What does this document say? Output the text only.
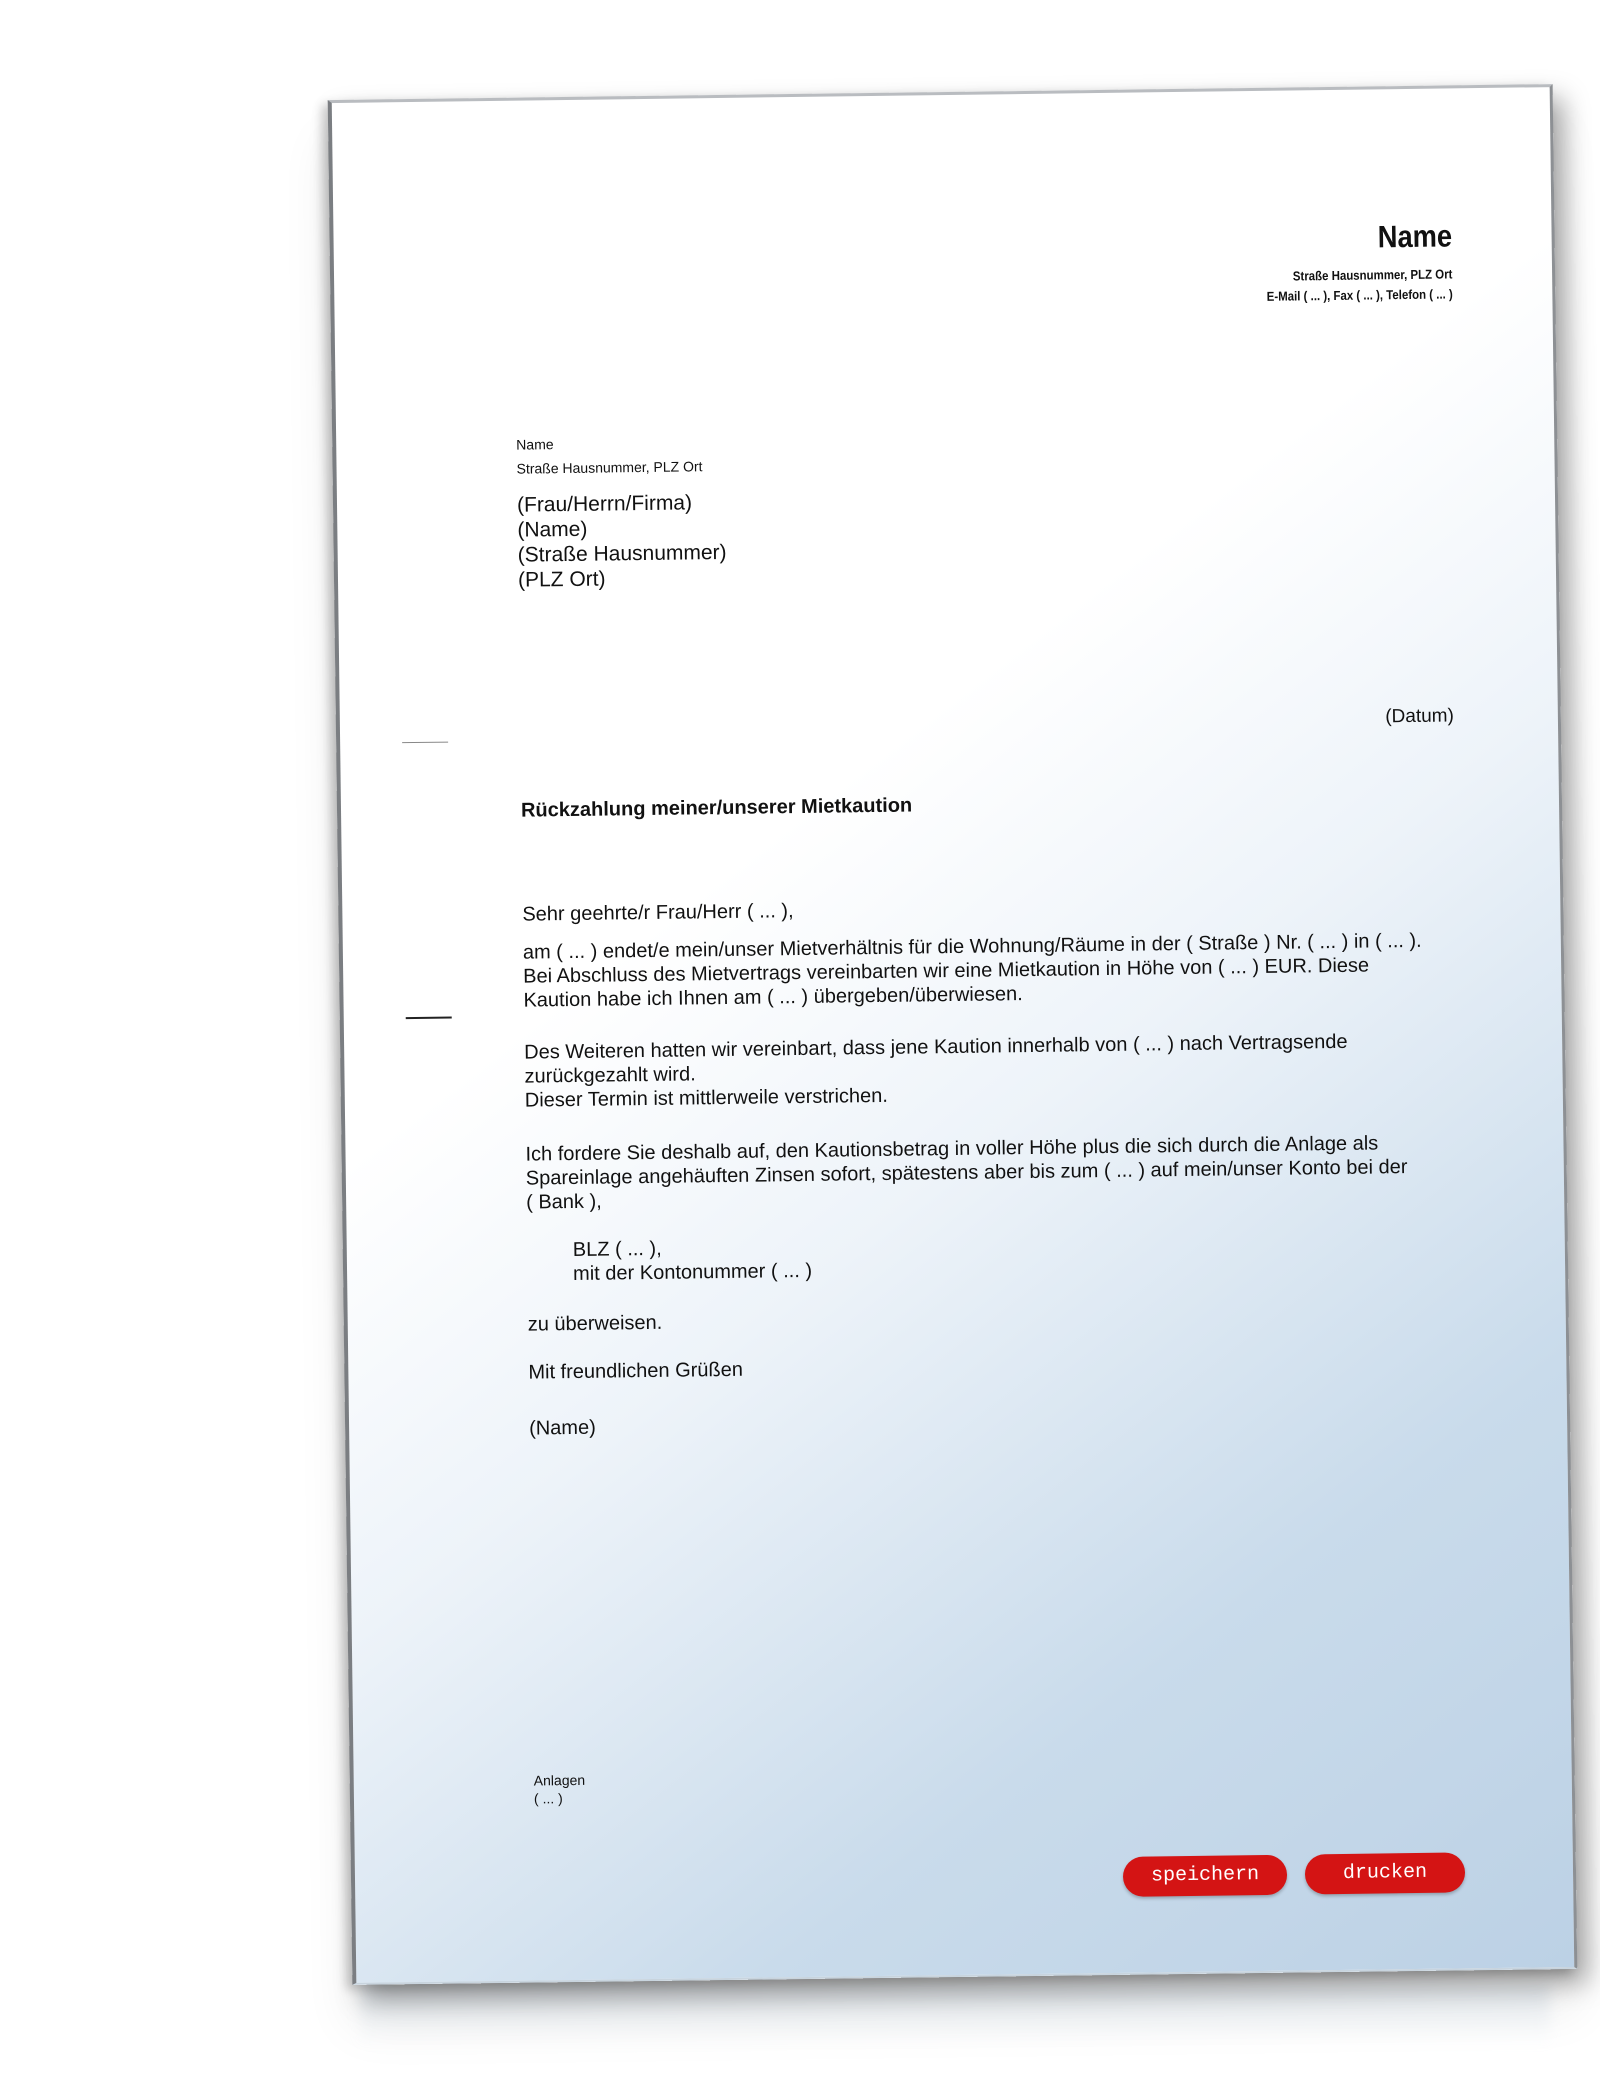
Name
Straße Hausnummer, PLZ Ort
E-Mail ( ... ), Fax ( ... ), Telefon ( ... )
Name
Straße Hausnummer, PLZ Ort
(Frau/Herrn/Firma)
(Name)
(Straße Hausnummer)
(PLZ Ort)
(Datum)
Rückzahlung meiner/unserer Mietkaution
Sehr geehrte/r Frau/Herr ( ... ),
am ( ... ) endet/e mein/unser Mietverhältnis für die Wohnung/Räume in der ( Straße ) Nr. ( ... ) in ( ... ).
Bei Abschluss des Mietvertrags vereinbarten wir eine Mietkaution in Höhe von ( ... ) EUR. Diese
Kaution habe ich Ihnen am ( ... ) übergeben/überwiesen.
Des Weiteren hatten wir vereinbart, dass jene Kaution innerhalb von ( ... ) nach Vertragsende
zurückgezahlt wird.
Dieser Termin ist mittlerweile verstrichen.
Ich fordere Sie deshalb auf, den Kautionsbetrag in voller Höhe plus die sich durch die Anlage als
Spareinlage angehäuften Zinsen sofort, spätestens aber bis zum ( ... ) auf mein/unser Konto bei der
( Bank ),
BLZ ( ... ),
mit der Kontonummer ( ... )
zu überweisen.
Mit freundlichen Grüßen
(Name)
Anlagen
( ... )
speichern	drucken
